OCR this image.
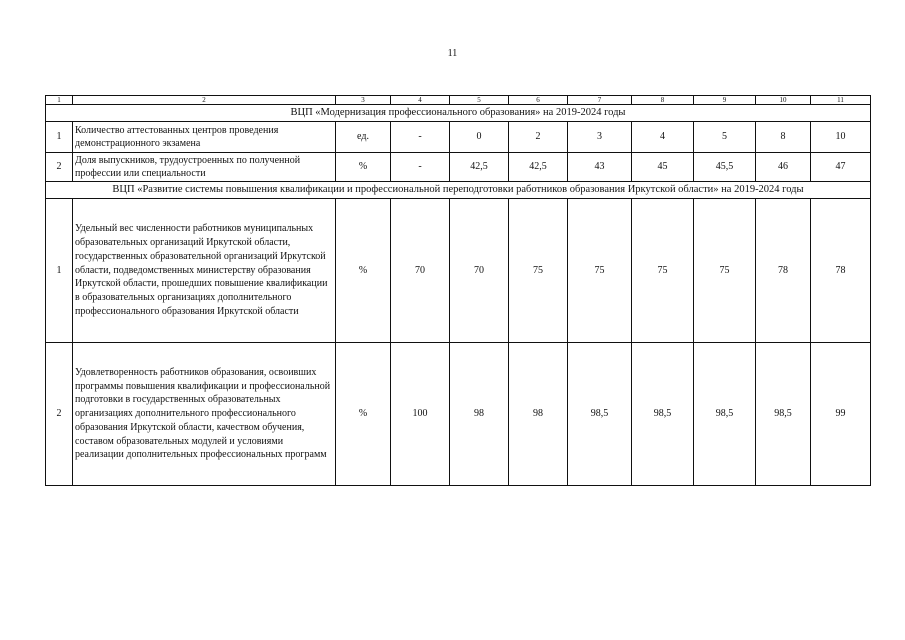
11
1	2	3	4	5	6	7	8	9	10	11
ВЦП «Модернизация профессионального образования» на 2019-2024 годы										
1	Количество аттестованных центров проведения демонстрационного экзамена	ед.	-	0	2	3	4	5	8	10
2	Доля выпускников, трудоустроенных по полученной профессии или специальности	%	-	42,5	42,5	43	45	45,5	46	47
ВЦП «Развитие системы повышения квалификации и профессиональной переподготовки работников образования Иркутской области» на 2019-2024 годы										
1	Удельный вес численности работников муниципальных образовательных организаций Иркутской области, государственных образовательной организаций Иркутской области, подведомственных министерству образования Иркутской области, прошедших повышение квалификации в образовательных организациях дополнительного профессионального образования Иркутской области	%	70	70	75	75	75	75	78	78
2	Удовлетворенность работников образования, освоивших программы повышения квалификации и профессиональной подготовки в государственных образовательных организациях дополнительного профессионального образования Иркутской области, качеством обучения, составом образовательных модулей и условиями реализации дополнительных профессиональных программ	%	100	98	98	98,5	98,5	98,5	98,5	99
